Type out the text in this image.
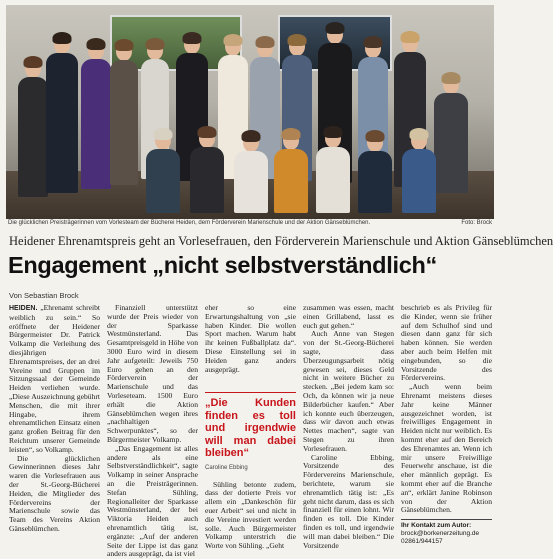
Die glücklichen Preisträgerinnen vom Vorlesteam der Bücherei Heiden, dem Förderverein Marienschule und der Aktion Gänseblümchen.	Foto: Brock
Heidener Ehrenamtspreis geht an Vorlesefrauen, den Förderverein Marienschule und Aktion Gänseblümchen
Engagement „nicht selbstverständlich“
Von Sebastian Brock

HEIDEN. „Ehrenamt schreibt weiblich zu sein.“ So eröffnete der Heidener Bürgermeister Dr. Patrick Volkamp die Verleihung des diesjährigen Ehrenamtspreises, der an drei Vereine und Gruppen im Sitzungssaal der Gemeinde Heiden verliehen wurde. „Diese Auszeichnung gebührt Menschen, die mit ihrer Hingabe, ihrem ehrenamtlichen Einsatz einen ganz großen Beitrag für den Reichtum unserer Gemeinde leisten“, so Volkamp.

Die glücklichen Gewinnerinnen dieses Jahr waren die Vorlesefrauen aus der St.-Georg-Bücherei Heiden, die Mitglieder des Fördervereins der Marienschule sowie das Team des Vereins Aktion Gänseblümchen.

Finanziell unterstützt wurde der Preis wieder von der Sparkasse Westmünsterland. Das Gesamtpreisgeld in Höhe von 3000 Euro wird in diesem Jahr aufgeteilt: Jeweils 750 Euro gehen an den Förderverein der Marienschule und das Vorleseteam. 1500 Euro erhält die Aktion Gänseblümchen wegen ihres „nachhaltigen Schwerpunktes“, so der Bürgermeister Volkamp.

„Das Engagement ist alles andere als eine Selbstverständlichkeit“, sagte Volkamp in seiner Ansprache an die Preisträgerinnen. Stefan Sühling, Regionalleiter der Sparkasse Westmünsterland, der bei Viktoria Heiden auch ehrenamtlich tätig ist, ergänzte: „Auf der anderen Seite der Lippe ist das ganz anders ausgeprägt, da ist viel

eher so eine Erwartungshaltung von „sie haben Kinder. Die wollen Sport machen. Warum habt ihr keinen Fußballplatz da“. Diese Einstellung sei in Heiden ganz anders ausgeprägt.

„Die Kunden finden es toll und irgendwie will man dabei bleiben“
Caroline Ebbing

Sühling betonte zudem, dass der dotierte Preis vor allem ein „Dankeschön für euer Arbeit“ sei und nicht in die Vereine investiert werden solle. Auch Bürgermeister Volkamp unterstrich die Worte von Sühling. „Geht

zusammen was essen, macht einen Grillabend, lasst es euch gut gehen.“

Auch Anne van Stegen von der St.-Georg-Bücherei sagte, dass Überzeugungsarbeit nötig gewesen sei, dieses Geld nicht in weitere Bücher zu stecken. „Bei jedem kam so: Och, da können wir ja neue Bilderbücher kaufen.“ Aber ich konnte euch überzeugen, dass wir davon auch etwas Nettes machen“, sagte van Stegen zu ihren Vorlesefrauen.

Caroline Ebbing, Vorsitzende des Fördervereins Marienschule, berichtete, warum sie ehrenamtlich tätig ist: „Es geht nicht darum, dass es sich finanziell für einen lohnt. Wir finden es toll. Die Kinder finden es toll, und irgendwie will man dabei bleiben.“ Die Vorsitzende

beschrieb es als Privileg für die Kinder, wenn sie früher auf dem Schulhof sind und diesen dann ganz für sich haben können. Sie werden aber auch beim Helfen mit eingebunden, so die Vorsitzende des Fördervereins.

„Auch wenn beim Ehrenamt meistens dieses Jahr keine Männer ausgezeichnet worden, ist freiwilliges Engagement in Heiden nicht nur weiblich. Es kommt eher auf den Bereich des Ehrenamtes an. Wenn ich mir unsere Freiwillige Feuerwehr anschaue, ist die eher männlich geprägt. Es kommt eher auf die Branche an“, erklärt Janine Robinson von der Aktion Gänseblümchen.

Ihr Kontakt zum Autor:
brock@borkenerzeitung.de
02861/944157
